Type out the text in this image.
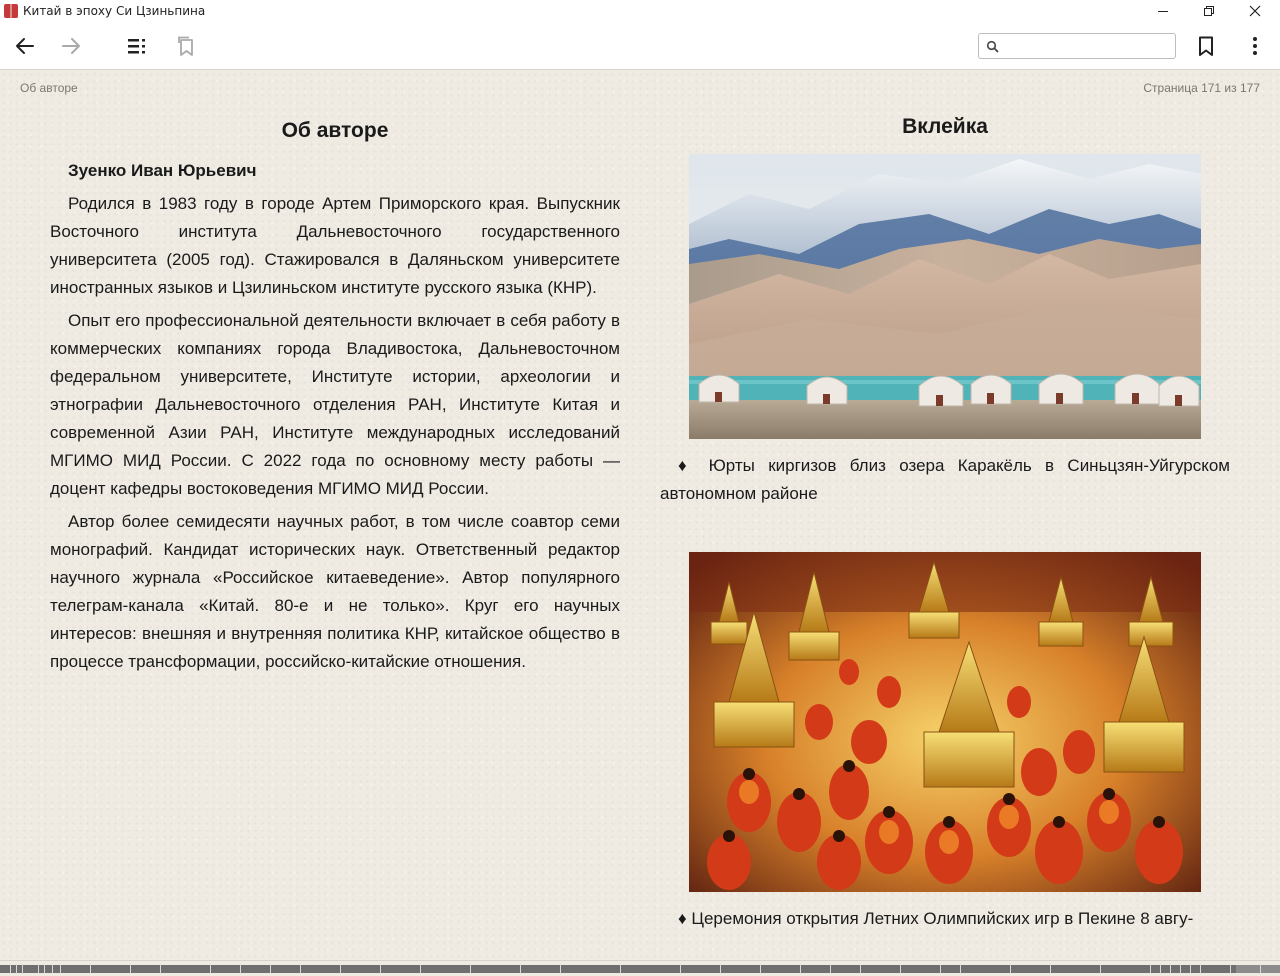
Китай в эпоху Си Цзиньпина
Об авторе	Страница 171 из 177
Об авторе
Зуенко Иван Юрьевич

Родился в 1983 году в городе Артем Приморского края. Выпускник Восточного института Дальневосточного государственного университета (2005 год). Стажировался в Даляньском университете иностранных языков и Цзилиньском институте русского языка (КНР).

Опыт его профессиональной деятельности включает в себя работу в коммерческих компаниях города Владивостока, Дальневосточном федеральном университете, Институте истории, археологии и этнографии Дальневосточного отделения РАН, Институте Китая и современной Азии РАН, Институте международных исследований МГИМО МИД России. С 2022 года по основному месту работы — доцент кафедры востоковедения МГИМО МИД России.

Автор более семидесяти научных работ, в том числе соавтор семи монографий. Кандидат исторических наук. Ответственный редактор научного журнала «Российское китаеведение». Автор популярного телеграм-канала «Китай. 80-е и не только». Круг его научных интересов: внешняя и внутренняя политика КНР, китайское общество в процессе трансформации, российско-китайские отношения.

Вклейка

♦ Юрты киргизов близ озера Каракёль в Синьцзян-Уйгурском автономном районе

♦ Церемония открытия Летних Олимпийских игр в Пекине 8 авгу-
